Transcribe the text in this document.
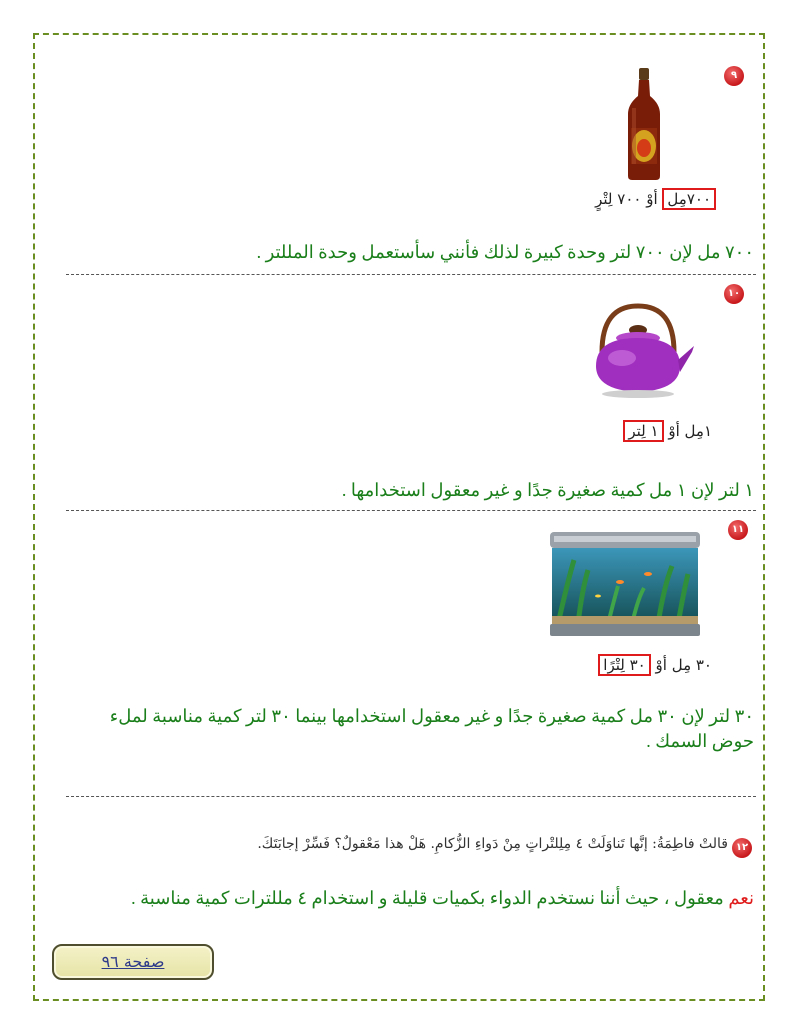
٩
٧٠٠مِل أوْ ٧٠٠ لِتْرٍ
٧٠٠ مل لإن ٧٠٠ لتر وحدة كبيرة لذلك فأنني سأستعمل وحدة المللتر .
١٠
١مِل أوْ ١ لِتر
١ لتر لإن ١ مل كمية صغيرة جدًا و غير معقول استخدامها .
١١
٣٠ مِل أوْ ٣٠ لِتْرًا
٣٠ لتر لإن ٣٠ مل كمية صغيرة جدًا و غير معقول استخدامها بينما ٣٠ لتر كمية مناسبة لملء حوض السمك .
١٢
قالتْ فاطِمَةُ: إنَّها تَناوَلَتْ ٤ مِلِلتْراتٍ مِنْ دَواءِ الزُّكامِ. هَلْ هذا مَعْقولٌ؟ فَسِّرْ إجابَتَكَ.
نعم معقول ، حيث أننا نستخدم الدواء بكميات قليلة و استخدام ٤ مللترات كمية مناسبة .
صفحة ٩٦
